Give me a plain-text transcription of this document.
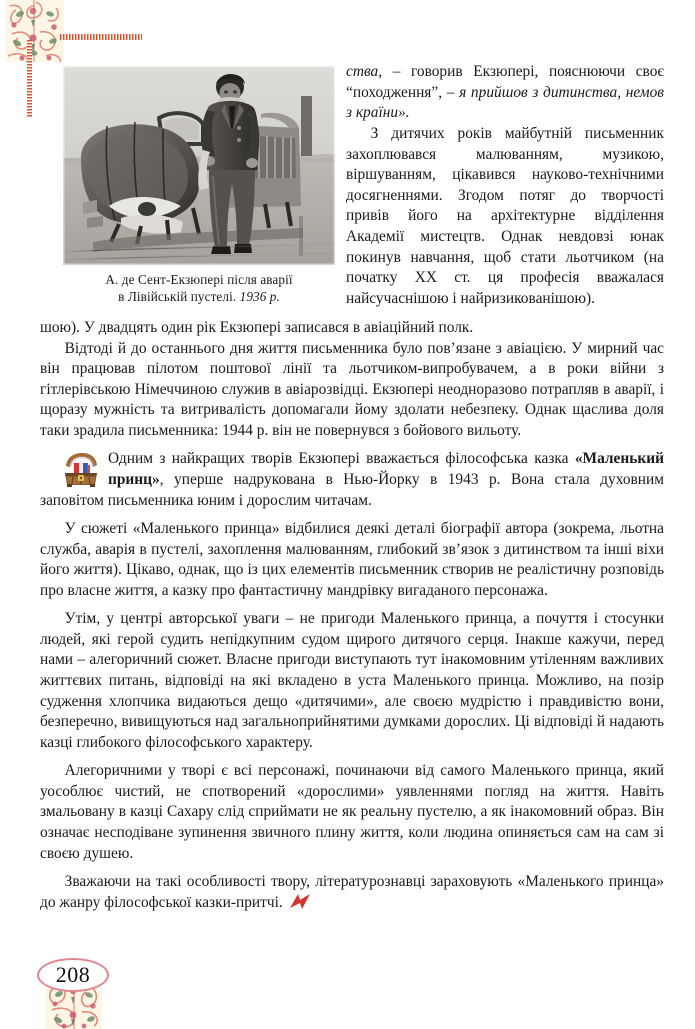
А. де Сент-Екзюпері після аварії
в Лівійській пустелі. 1936 р.

ства, – говорив Екзюпері, пояснюючи своє “походження”, – я прийшов з дитинства, немов з країни».

З дитячих років майбутній письменник захоплювався малюванням, музикою, віршуванням, цікавився науково-технічними досягненнями. Згодом потяг до творчості привів його на архітектурне відділення Академії мистецтв. Однак невдовзі юнак покинув навчання, щоб стати льотчиком (на початку ХХ ст. ця професія вважалася найсучаснішою і найризикованішою).

шою). У двадцять один рік Екзюпері записався в авіаційний полк.

Відтоді й до останнього дня життя письменника було пов’язане з авіацією. У мирний час він працював пілотом поштової лінії та льотчиком-випробувачем, а в роки війни з гітлерівською Німеччиною служив в авіарозвідці. Екзюпері неодноразово потрапляв в аварії, і щоразу мужність та витривалість допомагали йому здолати небезпеку. Однак щаслива доля таки зрадила письменника: 1944 р. він не повернувся з бойового вильоту.

Одним з найкращих творів Екзюпері вважається філософська казка «Маленький принц», уперше надрукована в Нью-Йорку в 1943 р. Вона стала духовним заповітом письменника юним і дорослим читачам.

У сюжеті «Маленького принца» відбилися деякі деталі біографії автора (зокрема, льотна служба, аварія в пустелі, захоплення малюванням, глибокий зв’язок з дитинством та інші віхи його життя). Цікаво, однак, що із цих елементів письменник створив не реалістичну розповідь про власне життя, а казку про фантастичну мандрівку вигаданого персонажа.

Утім, у центрі авторської уваги – не пригоди Маленького принца, а почуття і стосунки людей, які герой судить непідкупним судом щирого дитячого серця. Інакше кажучи, перед нами – алегоричний сюжет. Власне пригоди виступають тут інакомовним утіленням важливих життєвих питань, відповіді на які вкладено в уста Маленького принца. Можливо, на позір судження хлопчика видаються дещо «дитячими», але своєю мудрістю і правдивістю вони, безперечно, вивищуються над загальноприйнятими думками дорослих. Ці відповіді й надають казці глибокого філософського характеру.

Алегоричними у творі є всі персонажі, починаючи від самого Маленького принца, який уособлює чистий, не спотворений «дорослими» уявленнями погляд на життя. Навіть змальовану в казці Сахару слід сприймати не як реальну пустелю, а як інакомовний образ. Він означає несподіване зупинення звичного плину життя, коли людина опиняється сам на сам зі своєю душею.

Зважаючи на такі особливості твору, літературознавці зараховують «Маленького принца» до жанру філософської казки-притчі.

208
